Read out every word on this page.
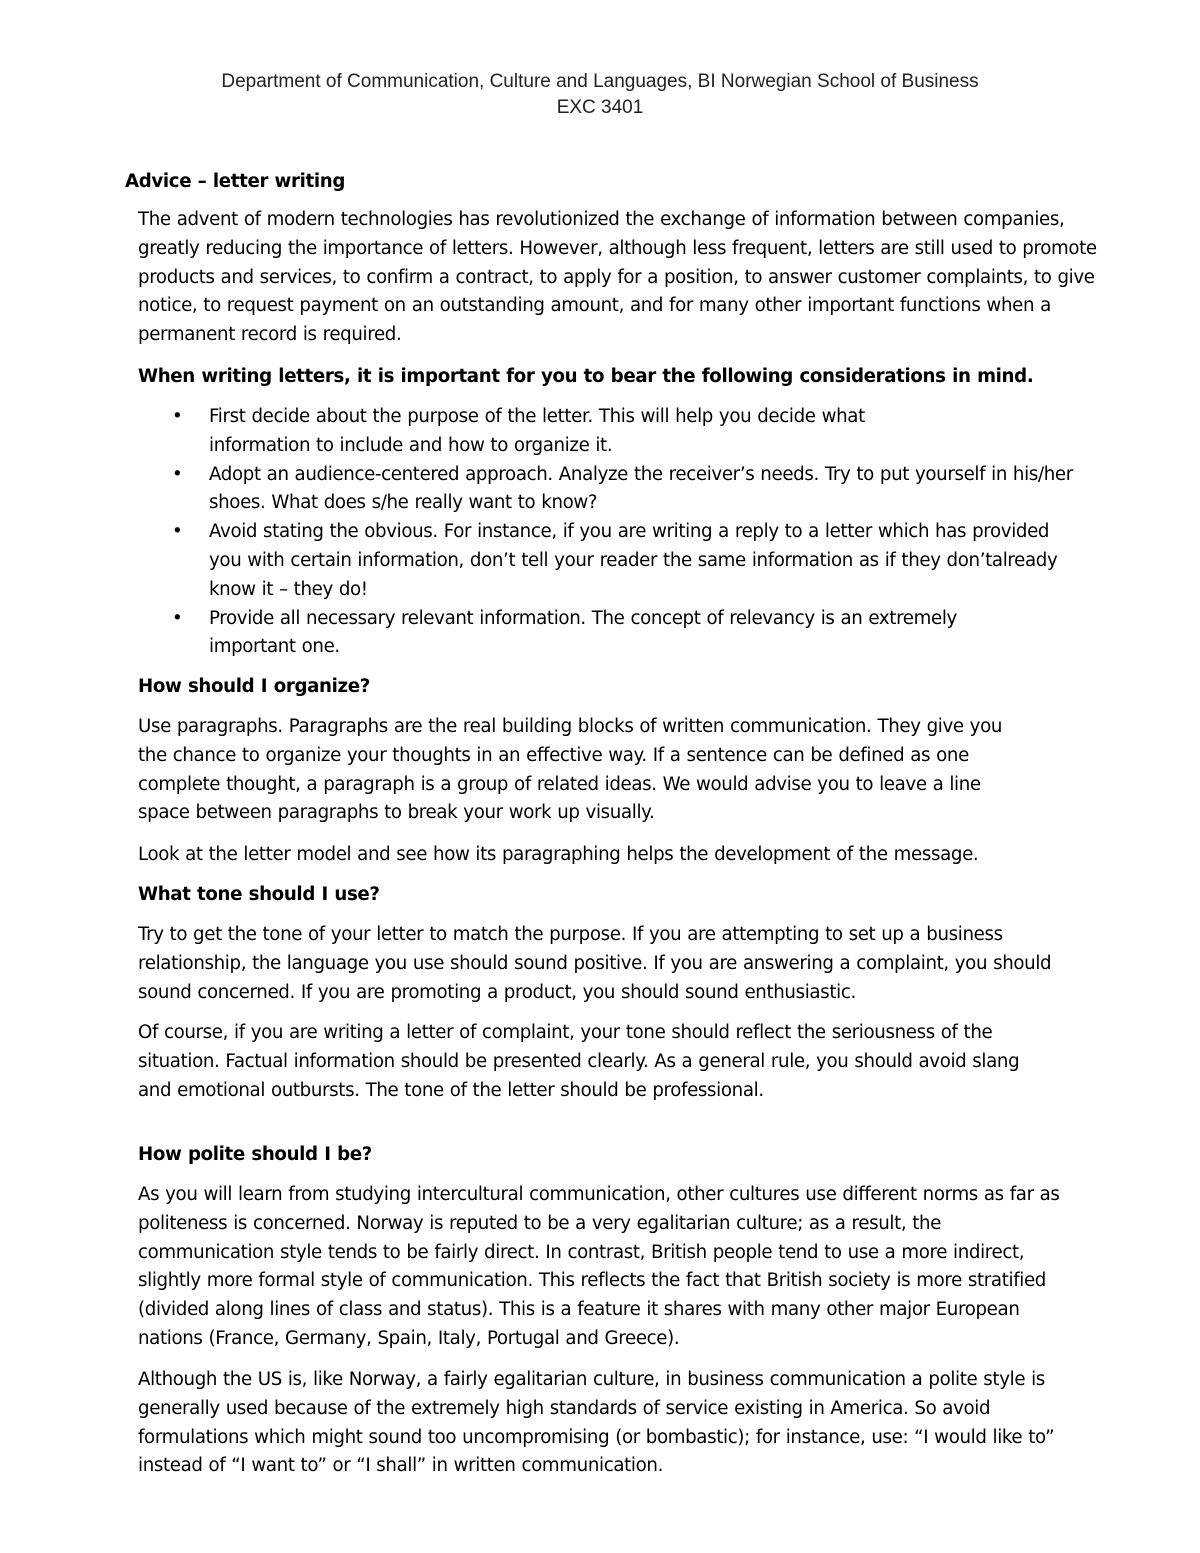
Department of Communication, Culture and Languages, BI Norwegian School of Business
EXC 3401

Advice – letter writing

The advent of modern technologies has revolutionized the exchange of information between companies, greatly reducing the importance of letters. However, although less frequent, letters are still used to promote products and services, to confirm a contract, to apply for a position, to answer customer complaints, to give notice, to request payment on an outstanding amount, and for many other important functions when a permanent record is required.

When writing letters, it is important for you to bear the following considerations in mind.

• First decide about the purpose of the letter. This will help you decide what information to include and how to organize it.
• Adopt an audience-centered approach. Analyze the receiver’s needs. Try to put yourself in his/her shoes. What does s/he really want to know?
• Avoid stating the obvious. For instance, if you are writing a reply to a letter which has provided you with certain information, don’t tell your reader the same information as if they don’talready know it – they do!
• Provide all necessary relevant information. The concept of relevancy is an extremely important one.

How should I organize?

Use paragraphs. Paragraphs are the real building blocks of written communication. They give you the chance to organize your thoughts in an effective way. If a sentence can be defined as one complete thought, a paragraph is a group of related ideas. We would advise you to leave a line space between paragraphs to break your work up visually.

Look at the letter model and see how its paragraphing helps the development of the message.

What tone should I use?

Try to get the tone of your letter to match the purpose. If you are attempting to set up a business relationship, the language you use should sound positive. If you are answering a complaint, you should sound concerned. If you are promoting a product, you should sound enthusiastic.

Of course, if you are writing a letter of complaint, your tone should reflect the seriousness of the situation. Factual information should be presented clearly. As a general rule, you should avoid slang and emotional outbursts. The tone of the letter should be professional.

How polite should I be?

As you will learn from studying intercultural communication, other cultures use different norms as far as politeness is concerned. Norway is reputed to be a very egalitarian culture; as a result, the communication style tends to be fairly direct. In contrast, British people tend to use a more indirect, slightly more formal style of communication. This reflects the fact that British society is more stratified (divided along lines of class and status). This is a feature it shares with many other major European nations (France, Germany, Spain, Italy, Portugal and Greece).

Although the US is, like Norway, a fairly egalitarian culture, in business communication a polite style is generally used because of the extremely high standards of service existing in America. So avoid formulations which might sound too uncompromising (or bombastic); for instance, use: “I would like to” instead of “I want to” or “I shall” in written communication.
